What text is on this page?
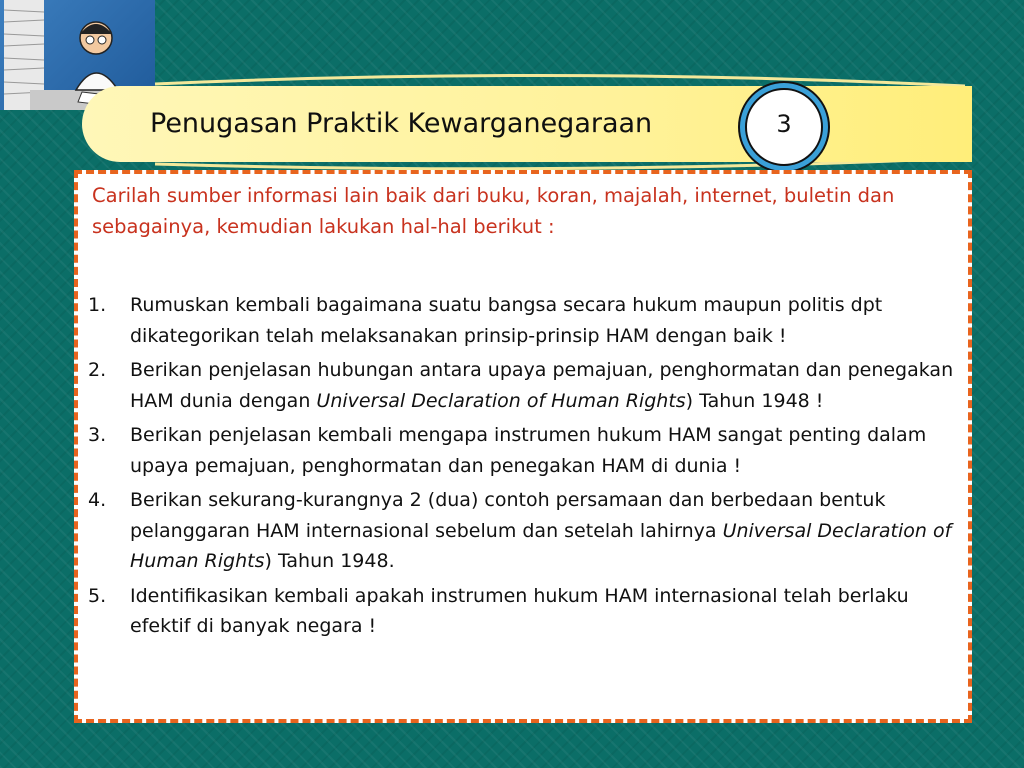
Penugasan Praktik Kewarganegaraan	3

Carilah sumber informasi lain baik dari buku, koran, majalah, internet, buletin dan sebagainya, kemudian lakukan hal-hal berikut :

1. Rumuskan kembali bagaimana suatu bangsa secara hukum maupun politis dpt dikategorikan telah melaksanakan prinsip-prinsip HAM dengan baik !
2. Berikan penjelasan hubungan antara upaya pemajuan, penghormatan dan penegakan HAM dunia dengan Universal Declaration of Human Rights) Tahun 1948 !
3. Berikan penjelasan kembali mengapa instrumen hukum HAM sangat penting dalam upaya pemajuan, penghormatan dan penegakan HAM di dunia !
4. Berikan sekurang-kurangnya 2 (dua) contoh persamaan dan berbedaan bentuk pelanggaran HAM internasional sebelum dan setelah lahirnya Universal Declaration of Human Rights) Tahun 1948.
5. Identifikasikan kembali apakah instrumen hukum HAM internasional telah berlaku efektif di banyak negara !
